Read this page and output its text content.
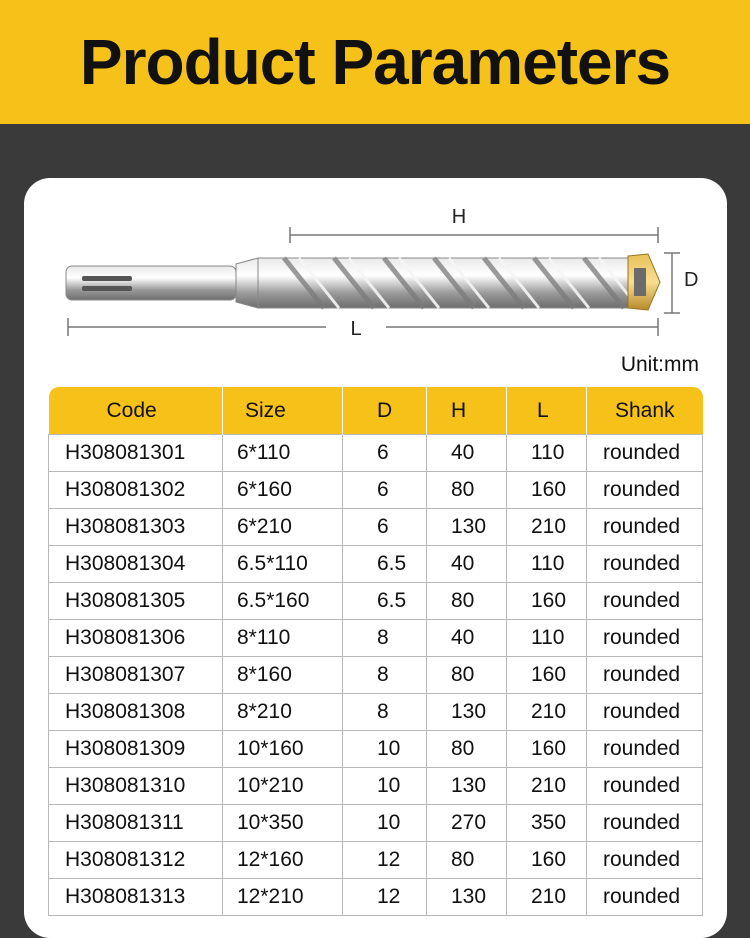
Product Parameters
H
D
L
Unit:mm
Code	Size	D	H	L	Shank
H308081301	6*110	6	40	110	rounded
H308081302	6*160	6	80	160	rounded
H308081303	6*210	6	130	210	rounded
H308081304	6.5*110	6.5	40	110	rounded
H308081305	6.5*160	6.5	80	160	rounded
H308081306	8*110	8	40	110	rounded
H308081307	8*160	8	80	160	rounded
H308081308	8*210	8	130	210	rounded
H308081309	10*160	10	80	160	rounded
H308081310	10*210	10	130	210	rounded
H308081311	10*350	10	270	350	rounded
H308081312	12*160	12	80	160	rounded
H308081313	12*210	12	130	210	rounded
